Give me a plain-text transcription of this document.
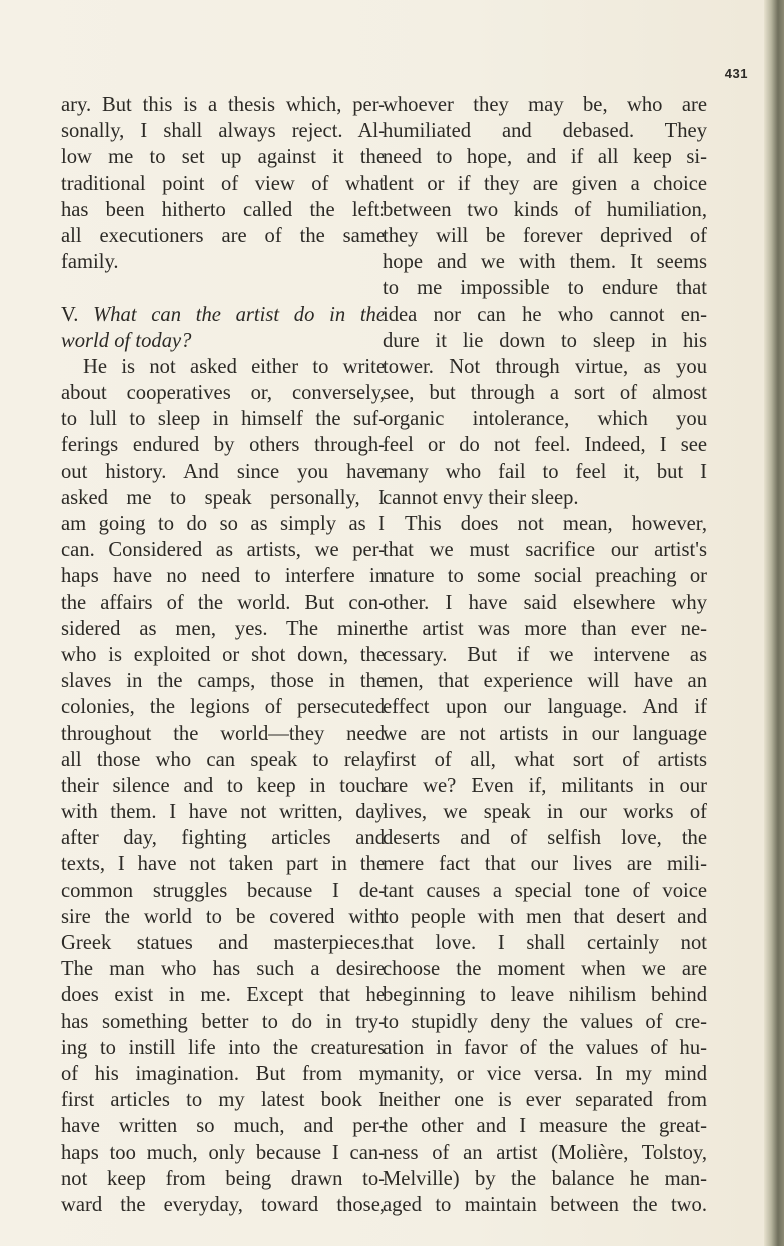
431
ary. But this is a thesis which, per-
sonally, I shall always reject. Al-
low me to set up against it the
traditional point of view of what
has been hitherto called the left:
all executioners are of the same
family.
V. What can the artist do in the
world of today?
He is not asked either to write
about cooperatives or, conversely,
to lull to sleep in himself the suf-
ferings endured by others through-
out history. And since you have
asked me to speak personally, I
am going to do so as simply as I
can. Considered as artists, we per-
haps have no need to interfere in
the affairs of the world. But con-
sidered as men, yes. The miner
who is exploited or shot down, the
slaves in the camps, those in the
colonies, the legions of persecuted
throughout the world—they need
all those who can speak to relay
their silence and to keep in touch
with them. I have not written, day
after day, fighting articles and
texts, I have not taken part in the
common struggles because I de-
sire the world to be covered with
Greek statues and masterpieces.
The man who has such a desire
does exist in me. Except that he
has something better to do in try-
ing to instill life into the creatures
of his imagination. But from my
first articles to my latest book I
have written so much, and per-
haps too much, only because I can-
not keep from being drawn to-
ward the everyday, toward those,
whoever they may be, who are
humiliated and debased. They
need to hope, and if all keep si-
lent or if they are given a choice
between two kinds of humiliation,
they will be forever deprived of
hope and we with them. It seems
to me impossible to endure that
idea nor can he who cannot en-
dure it lie down to sleep in his
tower. Not through virtue, as you
see, but through a sort of almost
organic intolerance, which you
feel or do not feel. Indeed, I see
many who fail to feel it, but I
cannot envy their sleep.
This does not mean, however,
that we must sacrifice our artist's
nature to some social preaching or
other. I have said elsewhere why
the artist was more than ever ne-
cessary. But if we intervene as
men, that experience will have an
effect upon our language. And if
we are not artists in our language
first of all, what sort of artists
are we? Even if, militants in our
lives, we speak in our works of
deserts and of selfish love, the
mere fact that our lives are mili-
tant causes a special tone of voice
to people with men that desert and
that love. I shall certainly not
choose the moment when we are
beginning to leave nihilism behind
to stupidly deny the values of cre-
ation in favor of the values of hu-
manity, or vice versa. In my mind
neither one is ever separated from
the other and I measure the great-
ness of an artist (Molière, Tolstoy,
Melville) by the balance he man-
aged to maintain between the two.
